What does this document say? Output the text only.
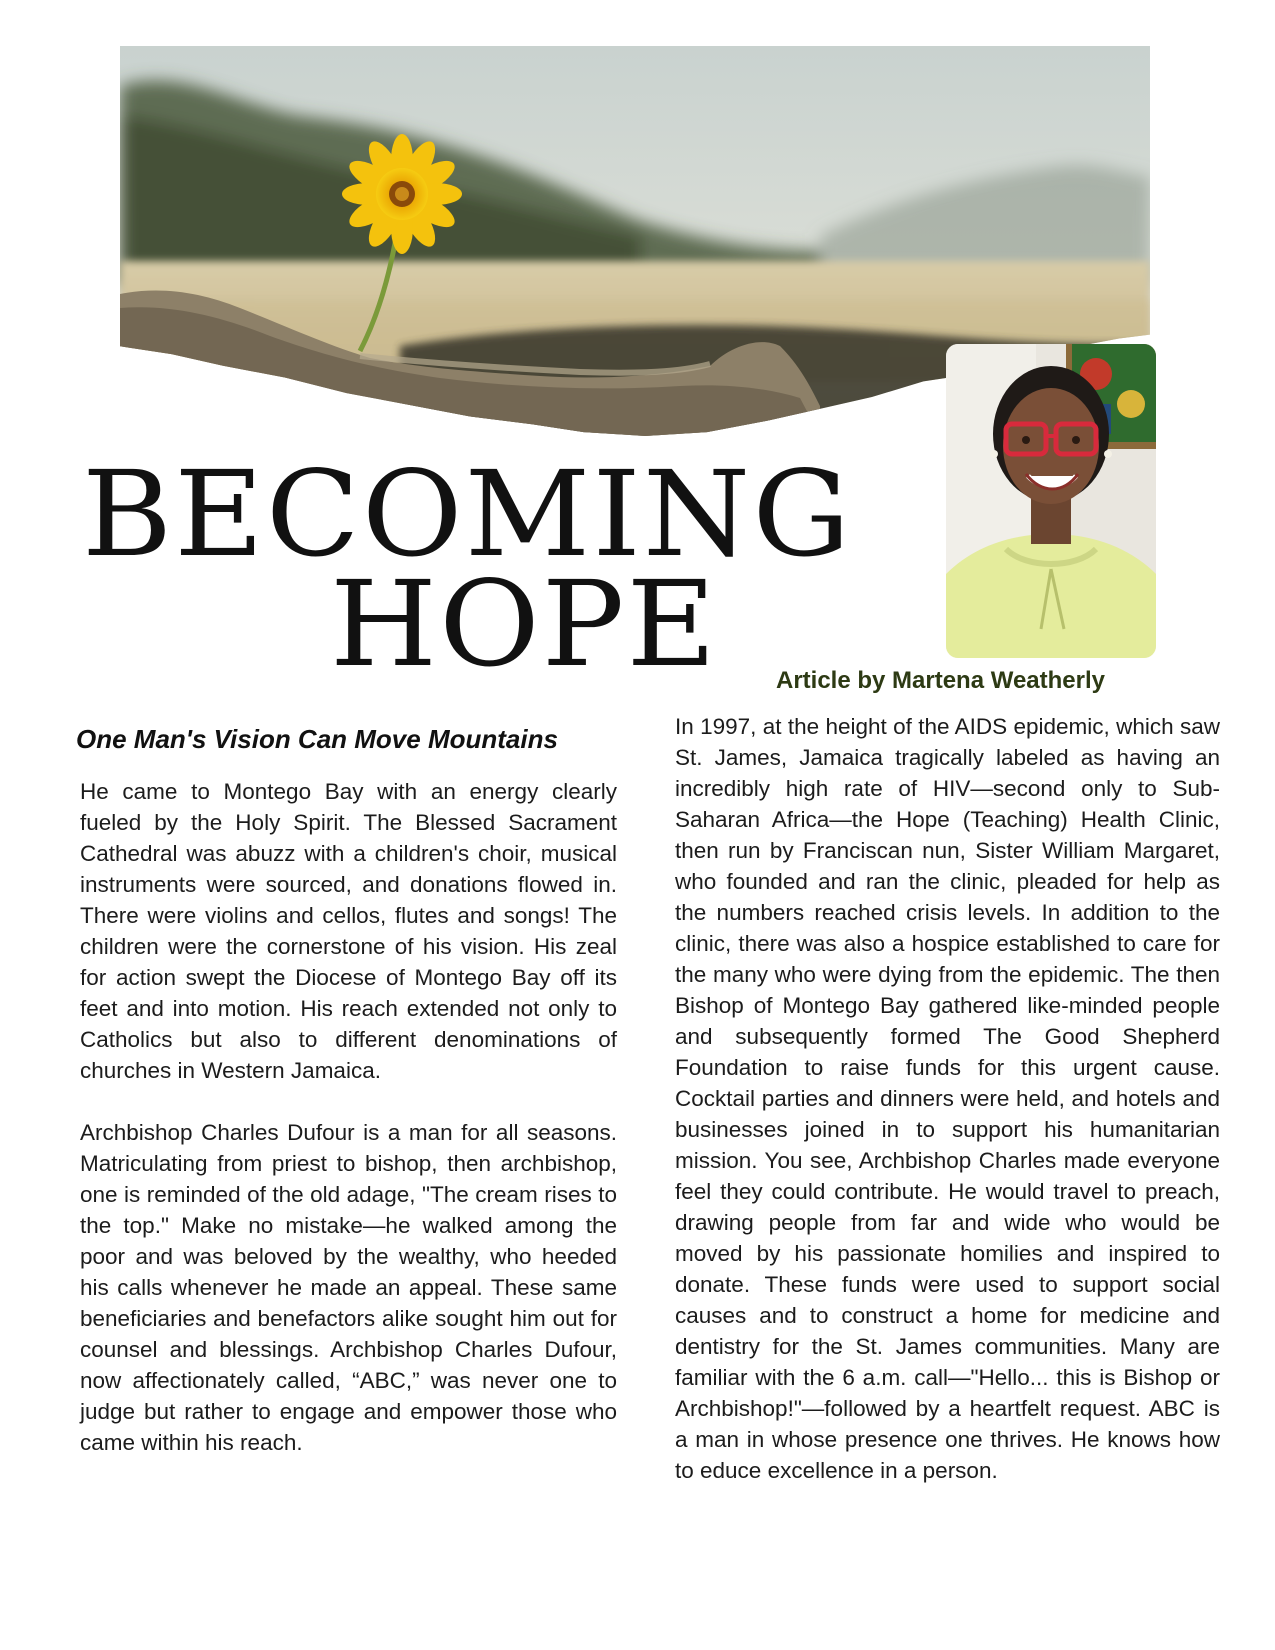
BECOMING
HOPE Article by Martena Weatherly
One Man's Vision Can Move Mountains

He came to Montego Bay with an energy clearly fueled by the Holy Spirit. The Blessed Sacrament Cathedral was abuzz with a children's choir, musical instruments were sourced, and donations flowed in. There were violins and cellos, flutes and songs! The children were the cornerstone of his vision. His zeal for action swept the Diocese of Montego Bay off its feet and into motion. His reach extended not only to Catholics but also to different denominations of churches in Western Jamaica.

Archbishop Charles Dufour is a man for all seasons. Matriculating from priest to bishop, then archbishop, one is reminded of the old adage, "The cream rises to the top." Make no mistake—he walked among the poor and was beloved by the wealthy, who heeded his calls whenever he made an appeal. These same beneficiaries and benefactors alike sought him out for counsel and blessings. Archbishop Charles Dufour, now affectionately called, “ABC,” was never one to judge but rather to engage and empower those who came within his reach.

In 1997, at the height of the AIDS epidemic, which saw St. James, Jamaica tragically labeled as having an incredibly high rate of HIV—second only to Sub-Saharan Africa—the Hope (Teaching) Health Clinic, then run by Franciscan nun, Sister William Margaret, who founded and ran the clinic, pleaded for help as the numbers reached crisis levels. In addition to the clinic, there was also a hospice established to care for the many who were dying from the epidemic. The then Bishop of Montego Bay gathered like-minded people and subsequently formed The Good Shepherd Foundation to raise funds for this urgent cause. Cocktail parties and dinners were held, and hotels and businesses joined in to support his humanitarian mission. You see, Archbishop Charles made everyone feel they could contribute. He would travel to preach, drawing people from far and wide who would be moved by his passionate homilies and inspired to donate. These funds were used to support social causes and to construct a home for medicine and dentistry for the St. James communities. Many are familiar with the 6 a.m. call—"Hello... this is Bishop or Archbishop!"—followed by a heartfelt request. ABC is a man in whose presence one thrives. He knows how to educe excellence in a person.
